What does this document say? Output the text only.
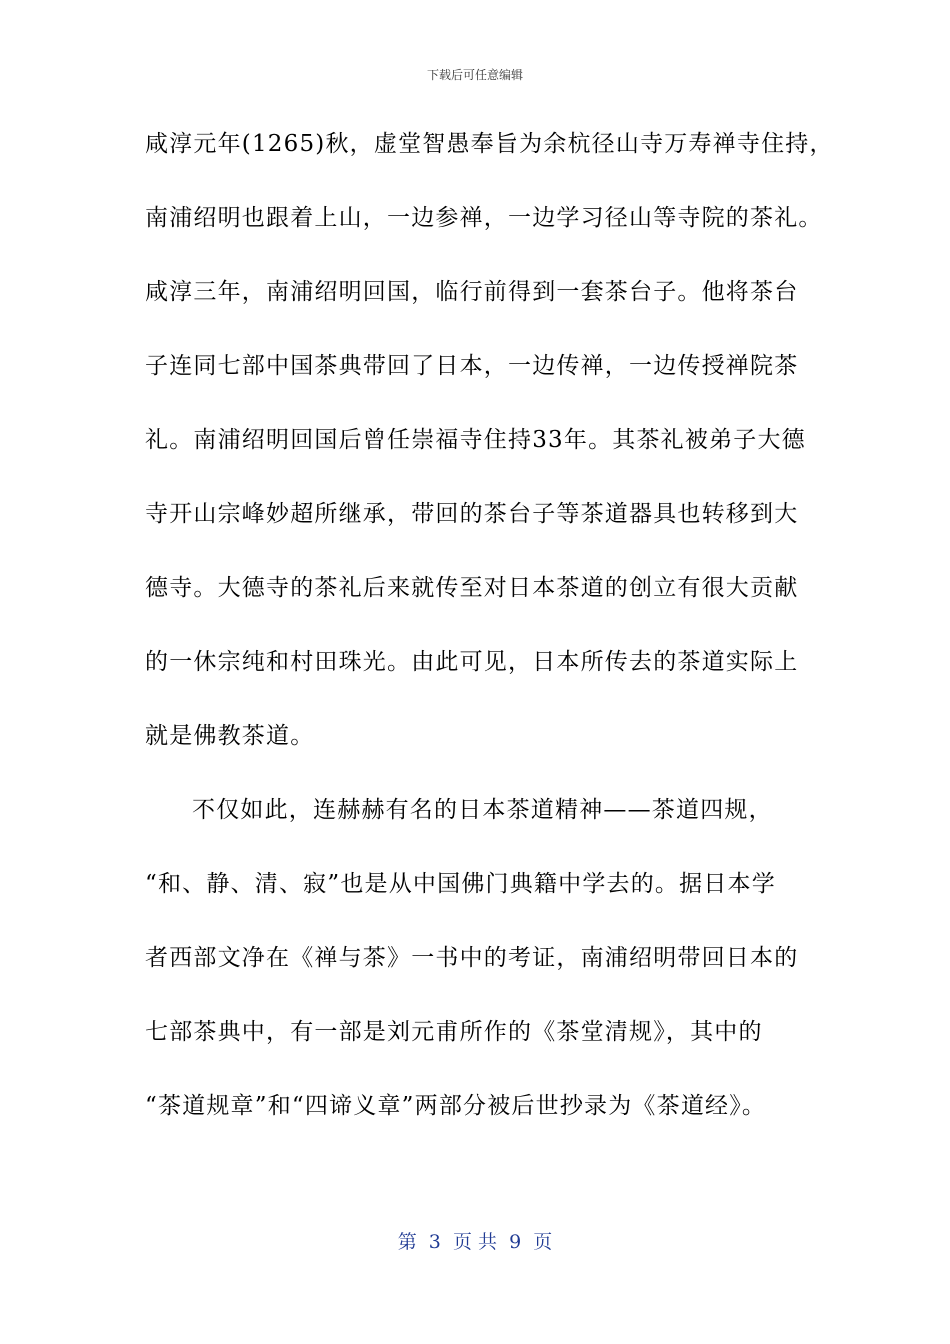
下载后可任意编辑
咸淳元年(1265)秋，虚堂智愚奉旨为余杭径山寺万寿禅寺住持，
南浦绍明也跟着上山，一边参禅，一边学习径山等寺院的茶礼。
咸淳三年，南浦绍明回国，临行前得到一套茶台子。他将茶台
子连同七部中国茶典带回了日本，一边传禅，一边传授禅院茶
礼。南浦绍明回国后曾任崇福寺住持33年。其茶礼被弟子大德
寺开山宗峰妙超所继承，带回的茶台子等茶道器具也转移到大
德寺。大德寺的茶礼后来就传至对日本茶道的创立有很大贡献
的一休宗纯和村田珠光。由此可见，日本所传去的茶道实际上
就是佛教茶道。
不仅如此，连赫赫有名的日本茶道精神——茶道四规，
“和、静、清、寂”也是从中国佛门典籍中学去的。据日本学
者西部文净在《禅与茶》一书中的考证，南浦绍明带回日本的
七部茶典中，有一部是刘元甫所作的《茶堂清规》，其中的
“茶道规章”和“四谛义章”两部分被后世抄录为《茶道经》。
第  3  页 共  9  页
